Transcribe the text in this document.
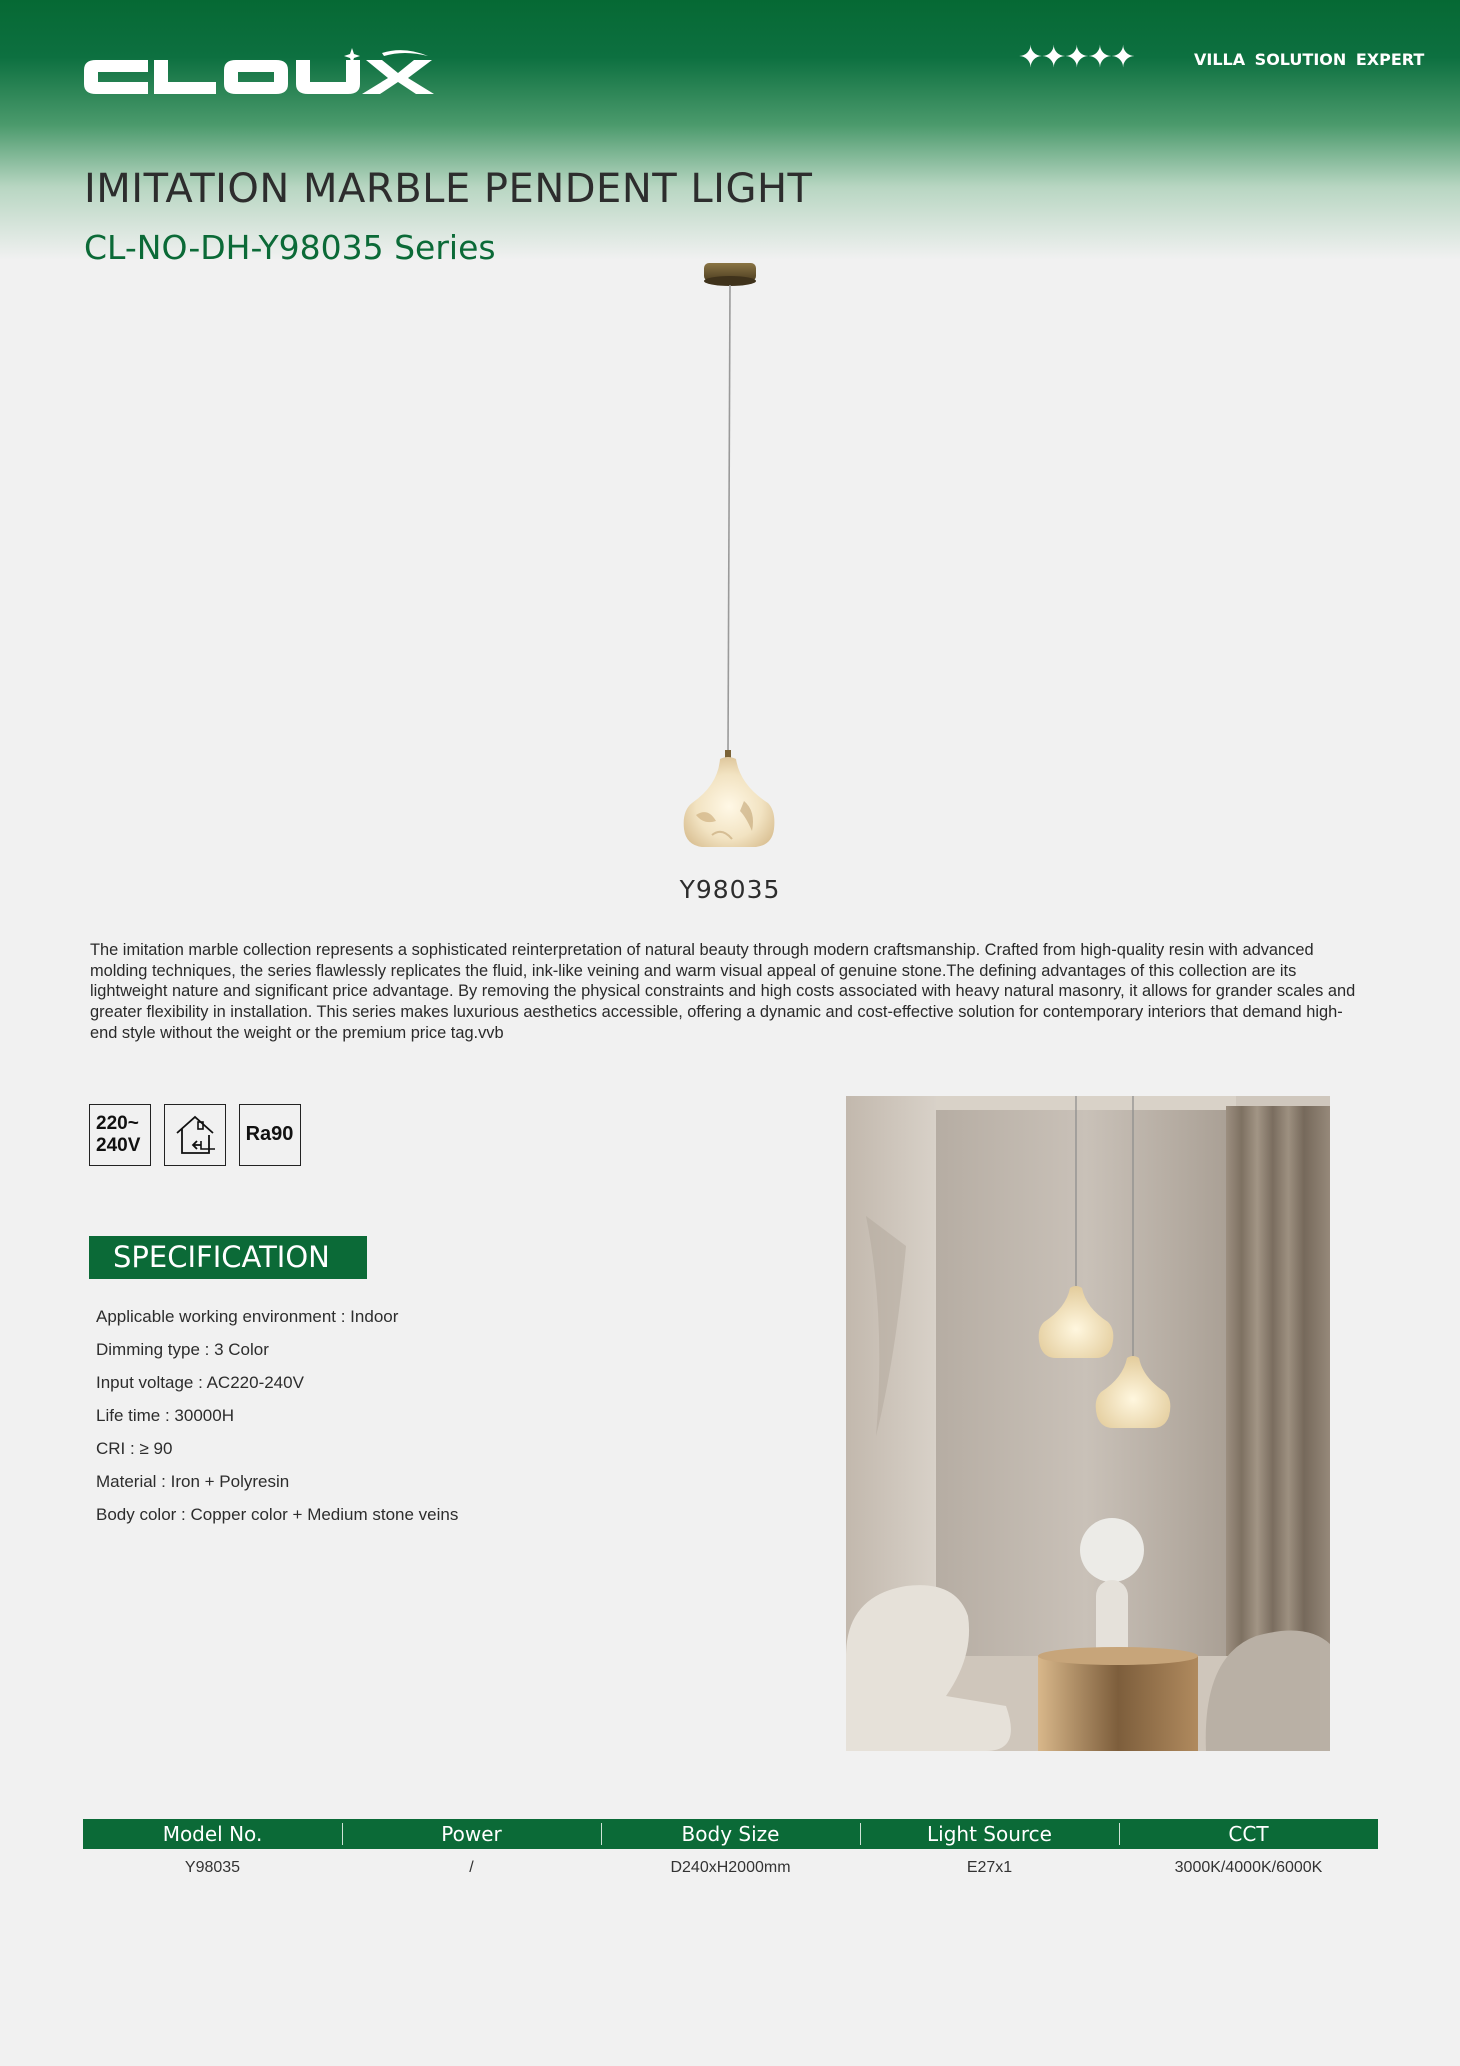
✦✦✦✦✦	VILLA SOLUTION EXPERT
IMITATION MARBLE PENDENT LIGHT
CL-NO-DH-Y98035 Series
Y98035

The imitation marble collection represents a sophisticated reinterpretation of natural beauty through modern craftsmanship. Crafted from high-quality resin with advanced molding techniques, the series flawlessly replicates the fluid, ink-like veining and warm visual appeal of genuine stone.The defining advantages of this collection are its lightweight nature and significant price advantage. By removing the physical constraints and high costs associated with heavy natural masonry, it allows for grander scales and greater flexibility in installation. This series makes luxurious aesthetics accessible, offering a dynamic and cost-effective solution for contemporary interiors that demand high-end style without the weight or the premium price tag.vvb

220~
240V
Ra90
SPECIFICATION
Applicable working environment : Indoor
Dimming type : 3 Color
Input voltage : AC220-240V
Life time : 30000H
CRI : ≥ 90
Material : Iron + Polyresin
Body color : Copper color + Medium stone veins
Model No.	Power	Body Size	Light Source	CCT
Y98035	/	D240xH2000mm	E27x1	3000K/4000K/6000K
